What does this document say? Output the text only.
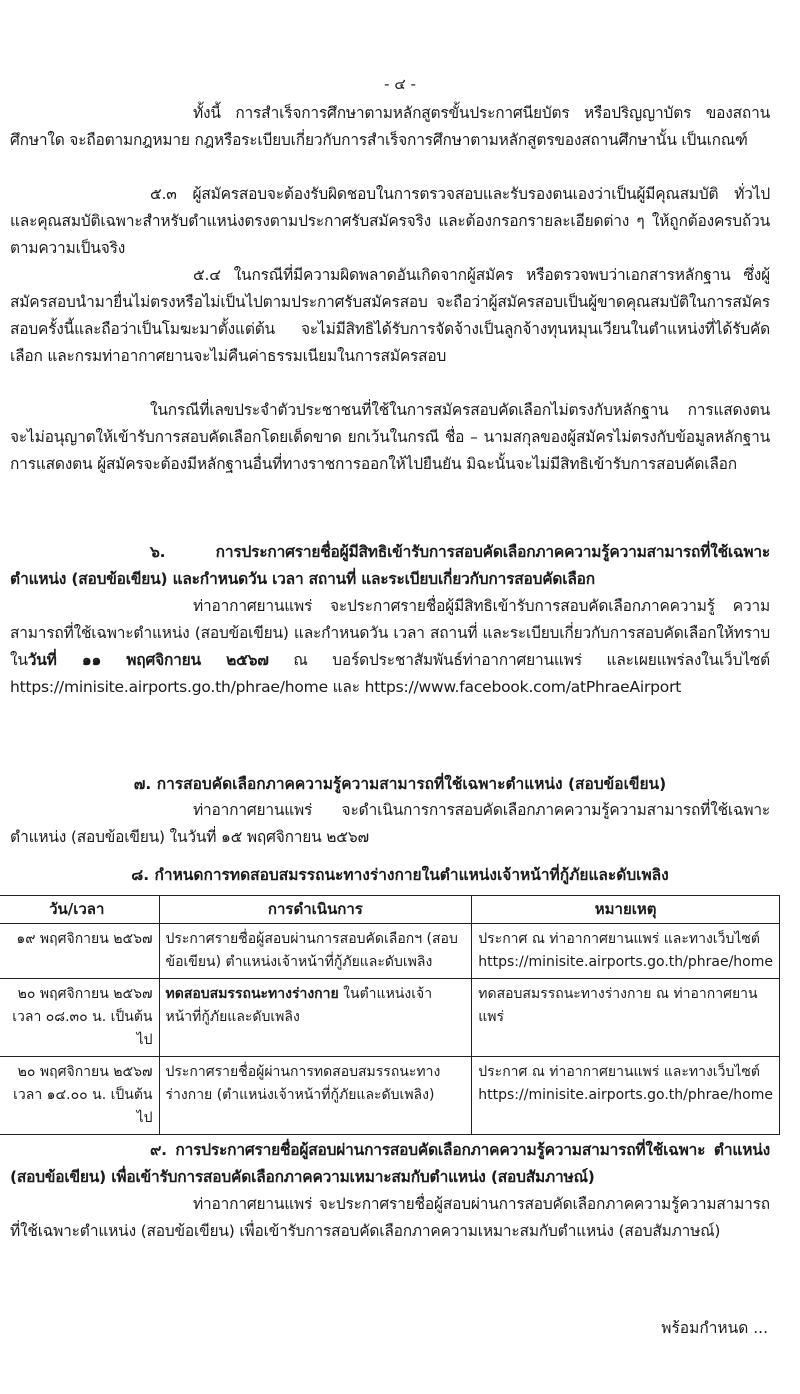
- ๔ -
ทั้งนี้ การสำเร็จการศึกษาตามหลักสูตรขั้นประกาศนียบัตร หรือปริญญาบัตร ของสถานศึกษาใด จะถือตามกฎหมาย กฎหรือระเบียบเกี่ยวกับการสำเร็จการศึกษาตามหลักสูตรของสถานศึกษานั้น เป็นเกณฑ์
๕.๓ ผู้สมัครสอบจะต้องรับผิดชอบในการตรวจสอบและรับรองตนเองว่าเป็นผู้มีคุณสมบัติ ทั่วไปและคุณสมบัติเฉพาะสำหรับตำแหน่งตรงตามประกาศรับสมัครจริง และต้องกรอกรายละเอียดต่าง ๆ ให้ถูกต้องครบถ้วนตามความเป็นจริง
๕.๔ ในกรณีที่มีความผิดพลาดอันเกิดจากผู้สมัคร หรือตรวจพบว่าเอกสารหลักฐาน ซึ่งผู้สมัครสอบนำมายื่นไม่ตรงหรือไม่เป็นไปตามประกาศรับสมัครสอบ จะถือว่าผู้สมัครสอบเป็นผู้ขาดคุณสมบัติในการสมัครสอบครั้งนี้และถือว่าเป็นโมฆะมาตั้งแต่ต้น จะไม่มีสิทธิได้รับการจัดจ้างเป็นลูกจ้างทุนหมุนเวียนในตำแหน่งที่ได้รับคัดเลือก และกรมท่าอากาศยานจะไม่คืนค่าธรรมเนียมในการสมัครสอบ
ในกรณีที่เลขประจำตัวประชาชนที่ใช้ในการสมัครสอบคัดเลือกไม่ตรงกับหลักฐาน การแสดงตน จะไม่อนุญาตให้เข้ารับการสอบคัดเลือกโดยเด็ดขาด ยกเว้นในกรณี ชื่อ – นามสกุลของผู้สมัครไม่ตรงกับข้อมูลหลักฐานการแสดงตน ผู้สมัครจะต้องมีหลักฐานอื่นที่ทางราชการออกให้ไปยืนยัน มิฉะนั้นจะไม่มีสิทธิเข้ารับการสอบคัดเลือก
๖. การประกาศรายชื่อผู้มีสิทธิเข้ารับการสอบคัดเลือกภาคความรู้ความสามารถที่ใช้เฉพาะ ตำแหน่ง (สอบข้อเขียน) และกำหนดวัน เวลา สถานที่ และระเบียบเกี่ยวกับการสอบคัดเลือก
ท่าอากาศยานแพร่ จะประกาศรายชื่อผู้มีสิทธิเข้ารับการสอบคัดเลือกภาคความรู้ ความสามารถที่ใช้เฉพาะตำแหน่ง (สอบข้อเขียน) และกำหนดวัน เวลา สถานที่ และระเบียบเกี่ยวกับการสอบคัดเลือกให้ทราบในวันที่ ๑๑ พฤศจิกายน ๒๕๖๗ ณ บอร์ดประชาสัมพันธ์ท่าอากาศยานแพร่ และเผยแพร่ลงในเว็บไซต์ https://minisite.airports.go.th/phrae/home และ https://www.facebook.com/atPhraeAirport
๗. การสอบคัดเลือกภาคความรู้ความสามารถที่ใช้เฉพาะตำแหน่ง (สอบข้อเขียน)
ท่าอากาศยานแพร่ จะดำเนินการการสอบคัดเลือกภาคความรู้ความสามารถที่ใช้เฉพาะ ตำแหน่ง (สอบข้อเขียน) ในวันที่ ๑๕ พฤศจิกายน ๒๕๖๗
๘. กำหนดการทดสอบสมรรถนะทางร่างกายในตำแหน่งเจ้าหน้าที่กู้ภัยและดับเพลิง
วัน/เวลา	การดำเนินการ	หมายเหตุ
๑๙ พฤศจิกายน ๒๕๖๗	ประกาศรายชื่อผู้สอบผ่านการสอบคัดเลือกฯ (สอบข้อเขียน) ตำแหน่งเจ้าหน้าที่กู้ภัยและดับเพลิง	ประกาศ ณ ท่าอากาศยานแพร่ และทางเว็บไซต์ https://minisite.airports.go.th/phrae/home
๒๐ พฤศจิกายน ๒๕๖๗
เวลา ๐๘.๓๐ น. เป็นต้นไป	ทดสอบสมรรถนะทางร่างกาย ในตำแหน่งเจ้าหน้าที่กู้ภัยและดับเพลิง	ทดสอบสมรรถนะทางร่างกาย ณ ท่าอากาศยานแพร่
๒๐ พฤศจิกายน ๒๕๖๗
เวลา ๑๔.๐๐ น. เป็นต้นไป	ประกาศรายชื่อผู้ผ่านการทดสอบสมรรถนะทางร่างกาย (ตำแหน่งเจ้าหน้าที่กู้ภัยและดับเพลิง)	ประกาศ ณ ท่าอากาศยานแพร่ และทางเว็บไซต์ https://minisite.airports.go.th/phrae/home
๙. การประกาศรายชื่อผู้สอบผ่านการสอบคัดเลือกภาคความรู้ความสามารถที่ใช้เฉพาะ ตำแหน่ง (สอบข้อเขียน) เพื่อเข้ารับการสอบคัดเลือกภาคความเหมาะสมกับตำแหน่ง (สอบสัมภาษณ์)
ท่าอากาศยานแพร่ จะประกาศรายชื่อผู้สอบผ่านการสอบคัดเลือกภาคความรู้ความสามารถ ที่ใช้เฉพาะตำแหน่ง (สอบข้อเขียน) เพื่อเข้ารับการสอบคัดเลือกภาคความเหมาะสมกับตำแหน่ง (สอบสัมภาษณ์)
พร้อมกำหนด ...
